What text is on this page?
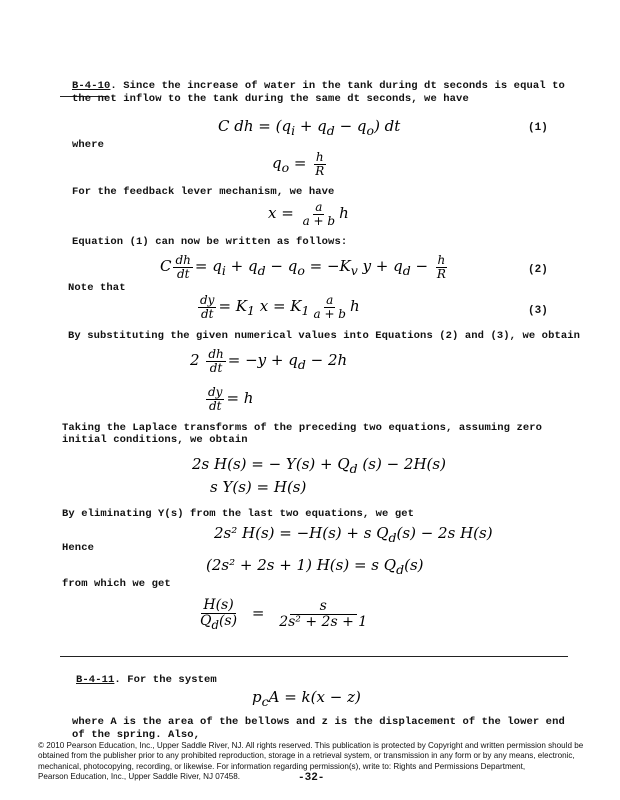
B-4-10. Since the increase of water in the tank during dt seconds is equal to
the net inflow to the tank during the same dt seconds, we have
C dh = $(q_i + q_d - q_o)$ dt	(1)
where
$q_o = \frac{h}{R}$
For the feedback lever mechanism, we have
$x = \frac{a}{a + b}$ h
Equation (1) can now be written as follows:
C $\frac{dh}{dt} = q_i + q_d - q_o = -K_v$ $y + q_d - \frac{h}{R}$	(2)
Note that
$\frac{dy}{dt} = K_1$ $x = K_1 \frac{a}{a + b}$ h	(3)
By substituting the given numerical values into Equations (2) and (3), we obtain
$2 \frac{dh}{dt} = -y + q_d - 2h$
$\frac{dy}{dt} = h$
Taking the Laplace transforms of the preceding two equations, assuming zero
initial conditions, we obtain
2s H(s) = − $Y(s) + Q_d$ (s) − 2H(s)
s Y(s) = H(s)
By eliminating Y(s) from the last two equations, we get
2s² H(s) = −H(s) + s $Q_d(s) - 2s$ H(s)
Hence
(2s² + 2s + 1) H(s) = s $Q_d(s)$
from which we get
$\frac{H(s)}{Q_d(s)} = \frac{s}{\text{2s² + 2s + 1}}$
B-4-11. For the system
$p_cA = k(x - z)$
where A is the area of the bellows and z is the displacement of the lower end
of the spring. Also,
© 2010 Pearson Education, Inc., Upper Saddle River, NJ. All rights reserved. This publication is protected by Copyright and written permission should be
obtained from the publisher prior to any prohibited reproduction, storage in a retrieval system, or transmission in any form or by any means, electronic,
mechanical, photocopying, recording, or likewise. For information regarding permission(s), write to: Rights and Permissions Department,
Pearson Education, Inc., Upper Saddle River, NJ 07458.	-32-
